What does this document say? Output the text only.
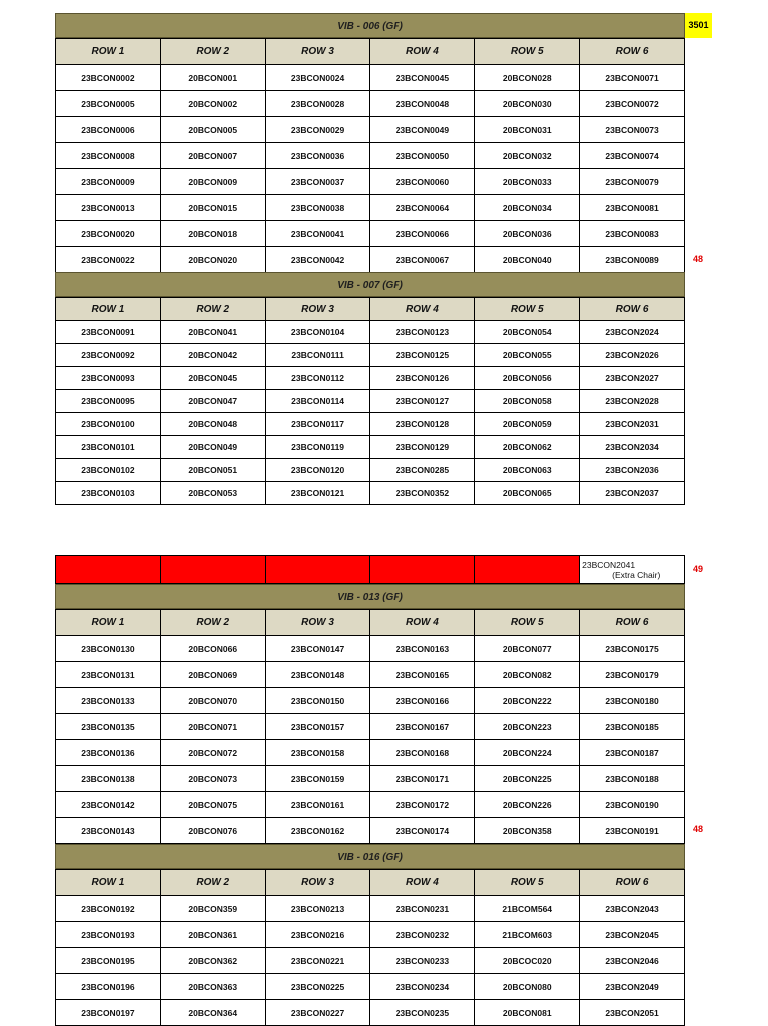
3501
VIB - 006 (GF)
ROW 1	ROW 2	ROW 3	ROW 4	ROW 5	ROW 6
23BCON0002	20BCON001	23BCON0024	23BCON0045	20BCON028	23BCON0071
23BCON0005	20BCON002	23BCON0028	23BCON0048	20BCON030	23BCON0072
23BCON0006	20BCON005	23BCON0029	23BCON0049	20BCON031	23BCON0073
23BCON0008	20BCON007	23BCON0036	23BCON0050	20BCON032	23BCON0074
23BCON0009	20BCON009	23BCON0037	23BCON0060	20BCON033	23BCON0079
23BCON0013	20BCON015	23BCON0038	23BCON0064	20BCON034	23BCON0081
23BCON0020	20BCON018	23BCON0041	23BCON0066	20BCON036	23BCON0083
23BCON0022	20BCON020	23BCON0042	23BCON0067	20BCON040	23BCON0089
VIB - 007 (GF)
ROW 1	ROW 2	ROW 3	ROW 4	ROW 5	ROW 6
23BCON0091	20BCON041	23BCON0104	23BCON0123	20BCON054	23BCON2024
23BCON0092	20BCON042	23BCON0111	23BCON0125	20BCON055	23BCON2026
23BCON0093	20BCON045	23BCON0112	23BCON0126	20BCON056	23BCON2027
23BCON0095	20BCON047	23BCON0114	23BCON0127	20BCON058	23BCON2028
23BCON0100	20BCON048	23BCON0117	23BCON0128	20BCON059	23BCON2031
23BCON0101	20BCON049	23BCON0119	23BCON0129	20BCON062	23BCON2034
23BCON0102	20BCON051	23BCON0120	23BCON0285	20BCON063	23BCON2036
23BCON0103	20BCON053	23BCON0121	23BCON0352	20BCON065	23BCON2037
					23BCON2041
(Extra Chair)
49
VIB - 013 (GF)
ROW 1	ROW 2	ROW 3	ROW 4	ROW 5	ROW 6
23BCON0130	20BCON066	23BCON0147	23BCON0163	20BCON077	23BCON0175
23BCON0131	20BCON069	23BCON0148	23BCON0165	20BCON082	23BCON0179
23BCON0133	20BCON070	23BCON0150	23BCON0166	20BCON222	23BCON0180
23BCON0135	20BCON071	23BCON0157	23BCON0167	20BCON223	23BCON0185
23BCON0136	20BCON072	23BCON0158	23BCON0168	20BCON224	23BCON0187
23BCON0138	20BCON073	23BCON0159	23BCON0171	20BCON225	23BCON0188
23BCON0142	20BCON075	23BCON0161	23BCON0172	20BCON226	23BCON0190
23BCON0143	20BCON076	23BCON0162	23BCON0174	20BCON358	23BCON0191
VIB - 016 (GF)
ROW 1	ROW 2	ROW 3	ROW 4	ROW 5	ROW 6
23BCON0192	20BCON359	23BCON0213	23BCON0231	21BCOM564	23BCON2043
23BCON0193	20BCON361	23BCON0216	23BCON0232	21BCOM603	23BCON2045
23BCON0195	20BCON362	23BCON0221	23BCON0233	20BCOC020	23BCON2046
23BCON0196	20BCON363	23BCON0225	23BCON0234	20BCON080	23BCON2049
23BCON0197	20BCON364	23BCON0227	23BCON0235	20BCON081	23BCON2051
48
48
